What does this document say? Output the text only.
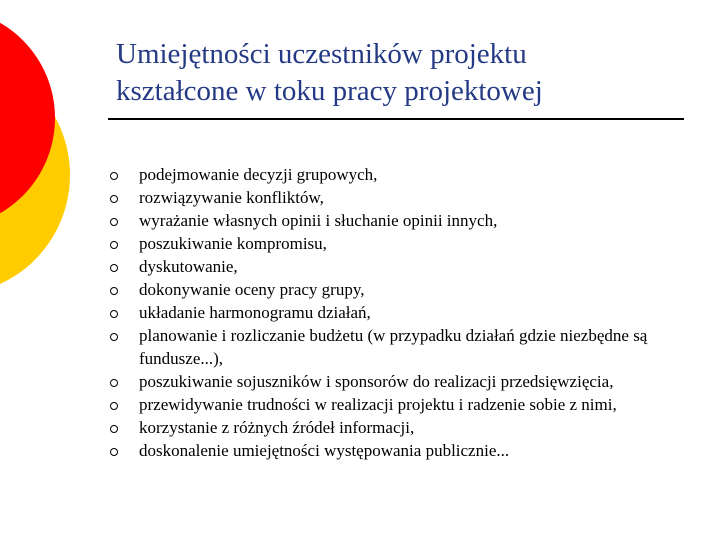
Umiejętności uczestników projektu
kształcone w toku pracy projektowej
podejmowanie decyzji grupowych,
rozwiązywanie konfliktów,
wyrażanie własnych opinii i słuchanie opinii innych,
poszukiwanie kompromisu,
dyskutowanie,
dokonywanie oceny pracy grupy,
układanie harmonogramu działań,
planowanie i rozliczanie budżetu (w przypadku działań gdzie niezbędne są fundusze...),
poszukiwanie sojuszników i sponsorów do realizacji przedsięwzięcia,
przewidywanie trudności w realizacji projektu i radzenie sobie z nimi,
korzystanie z różnych źródeł informacji,
doskonalenie umiejętności występowania publicznie...
